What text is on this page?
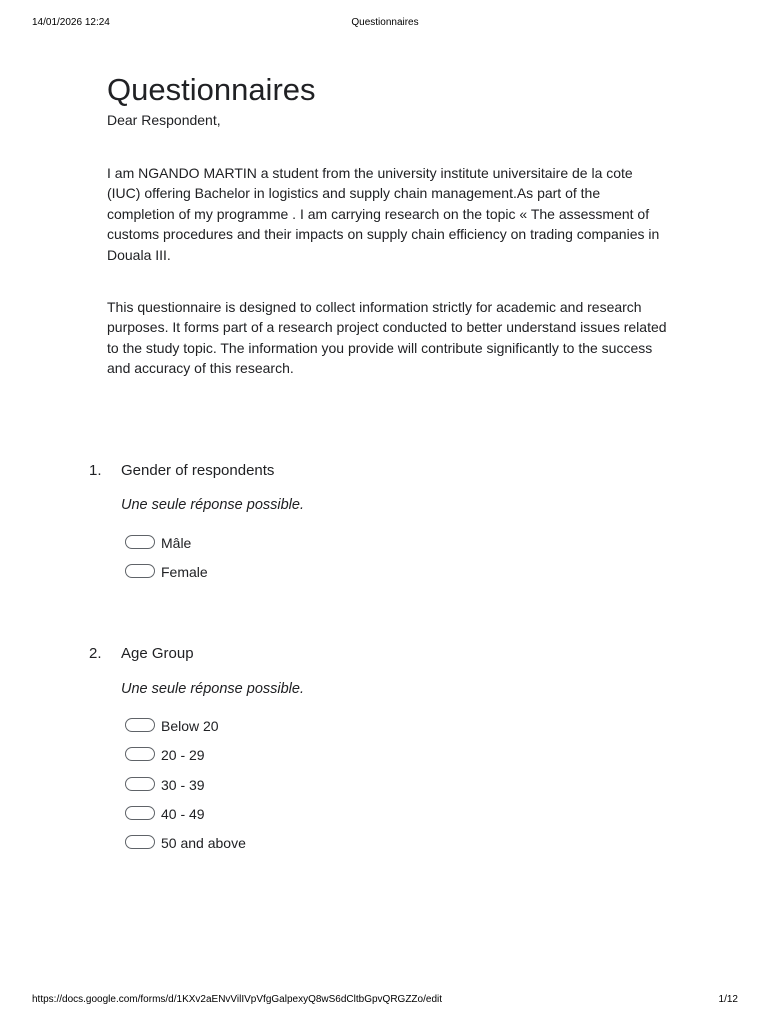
14/01/2026 12:24	Questionnaires
Questionnaires

Dear Respondent,

I am NGANDO MARTIN a student from the university institute universitaire de la cote (IUC) offering Bachelor in logistics and supply chain management.As part of the completion of my programme . I am carrying research on the topic « The assessment of customs procedures and their impacts on supply chain efficiency on trading companies in Douala III.

This questionnaire is designed to collect information strictly for academic and research purposes. It forms part of a research project conducted to better understand issues related to the study topic. The information you provide will contribute significantly to the success and accuracy of this research.

1. Gender of respondents
Une seule réponse possible.
Mâle
Female
2. Age Group
Une seule réponse possible.
Below 20
20 - 29
30 - 39
40 - 49
50 and above
https://docs.google.com/forms/d/1KXv2aENvVilIVpVfgGalpexyQ8wS6dCltbGpvQRGZZo/edit	1/12
